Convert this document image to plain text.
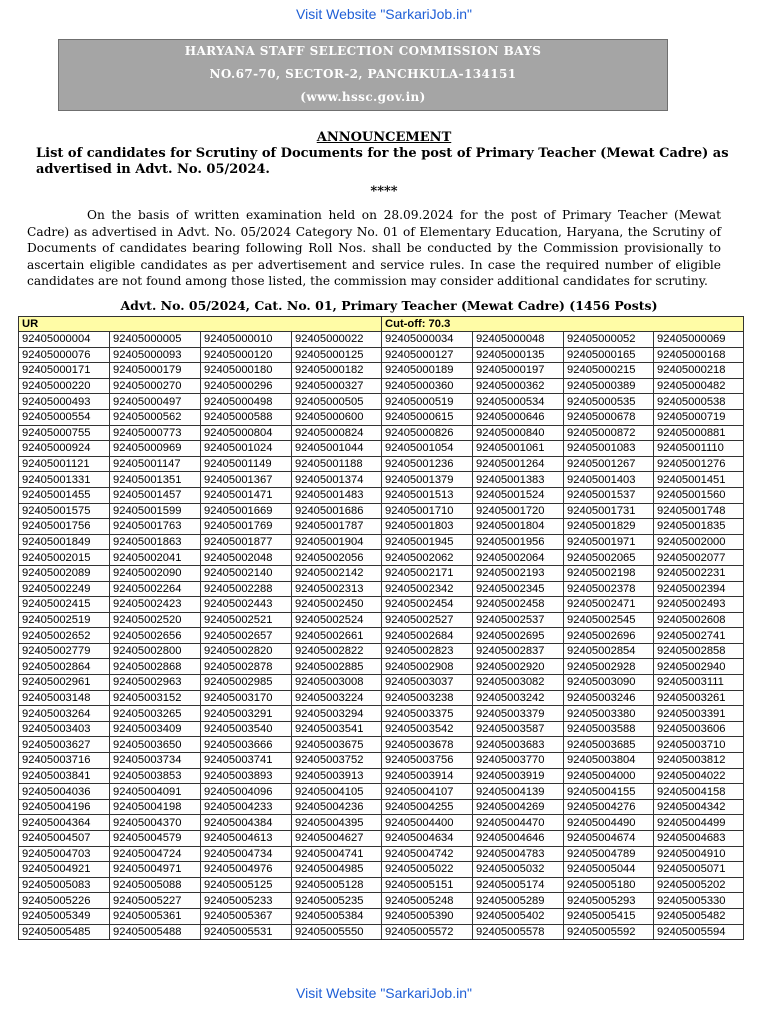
Visit Website "SarkariJob.in"
HARYANA STAFF SELECTION COMMISSION BAYS
NO.67-70, SECTOR-2, PANCHKULA-134151
(www.hssc.gov.in)
ANNOUNCEMENT
List of candidates for Scrutiny of Documents for the post of Primary Teacher (Mewat Cadre) as advertised in Advt. No. 05/2024.
****
On the basis of written examination held on 28.09.2024 for the post of Primary Teacher (Mewat Cadre) as advertised in Advt. No. 05/2024 Category No. 01 of Elementary Education, Haryana, the Scrutiny of Documents of candidates bearing following Roll Nos. shall be conducted by the Commission provisionally to ascertain eligible candidates as per advertisement and service rules. In case the required number of eligible candidates are not found among those listed, the commission may consider additional candidates for scrutiny.
Advt. No. 05/2024, Cat. No. 01, Primary Teacher (Mewat Cadre) (1456 Posts)
UR				Cut-off: 70.3			
92405000004	92405000005	92405000010	92405000022	92405000034	92405000048	92405000052	92405000069
92405000076	92405000093	92405000120	92405000125	92405000127	92405000135	92405000165	92405000168
92405000171	92405000179	92405000180	92405000182	92405000189	92405000197	92405000215	92405000218
92405000220	92405000270	92405000296	92405000327	92405000360	92405000362	92405000389	92405000482
92405000493	92405000497	92405000498	92405000505	92405000519	92405000534	92405000535	92405000538
92405000554	92405000562	92405000588	92405000600	92405000615	92405000646	92405000678	92405000719
92405000755	92405000773	92405000804	92405000824	92405000826	92405000840	92405000872	92405000881
92405000924	92405000969	92405001024	92405001044	92405001054	92405001061	92405001083	92405001110
92405001121	92405001147	92405001149	92405001188	92405001236	92405001264	92405001267	92405001276
92405001331	92405001351	92405001367	92405001374	92405001379	92405001383	92405001403	92405001451
92405001455	92405001457	92405001471	92405001483	92405001513	92405001524	92405001537	92405001560
92405001575	92405001599	92405001669	92405001686	92405001710	92405001720	92405001731	92405001748
92405001756	92405001763	92405001769	92405001787	92405001803	92405001804	92405001829	92405001835
92405001849	92405001863	92405001877	92405001904	92405001945	92405001956	92405001971	92405002000
92405002015	92405002041	92405002048	92405002056	92405002062	92405002064	92405002065	92405002077
92405002089	92405002090	92405002140	92405002142	92405002171	92405002193	92405002198	92405002231
92405002249	92405002264	92405002288	92405002313	92405002342	92405002345	92405002378	92405002394
92405002415	92405002423	92405002443	92405002450	92405002454	92405002458	92405002471	92405002493
92405002519	92405002520	92405002521	92405002524	92405002527	92405002537	92405002545	92405002608
92405002652	92405002656	92405002657	92405002661	92405002684	92405002695	92405002696	92405002741
92405002779	92405002800	92405002820	92405002822	92405002823	92405002837	92405002854	92405002858
92405002864	92405002868	92405002878	92405002885	92405002908	92405002920	92405002928	92405002940
92405002961	92405002963	92405002985	92405003008	92405003037	92405003082	92405003090	92405003111
92405003148	92405003152	92405003170	92405003224	92405003238	92405003242	92405003246	92405003261
92405003264	92405003265	92405003291	92405003294	92405003375	92405003379	92405003380	92405003391
92405003403	92405003409	92405003540	92405003541	92405003542	92405003587	92405003588	92405003606
92405003627	92405003650	92405003666	92405003675	92405003678	92405003683	92405003685	92405003710
92405003716	92405003734	92405003741	92405003752	92405003756	92405003770	92405003804	92405003812
92405003841	92405003853	92405003893	92405003913	92405003914	92405003919	92405004000	92405004022
92405004036	92405004091	92405004096	92405004105	92405004107	92405004139	92405004155	92405004158
92405004196	92405004198	92405004233	92405004236	92405004255	92405004269	92405004276	92405004342
92405004364	92405004370	92405004384	92405004395	92405004400	92405004470	92405004490	92405004499
92405004507	92405004579	92405004613	92405004627	92405004634	92405004646	92405004674	92405004683
92405004703	92405004724	92405004734	92405004741	92405004742	92405004783	92405004789	92405004910
92405004921	92405004971	92405004976	92405004985	92405005022	92405005032	92405005044	92405005071
92405005083	92405005088	92405005125	92405005128	92405005151	92405005174	92405005180	92405005202
92405005226	92405005227	92405005233	92405005235	92405005248	92405005289	92405005293	92405005330
92405005349	92405005361	92405005367	92405005384	92405005390	92405005402	92405005415	92405005482
92405005485	92405005488	92405005531	92405005550	92405005572	92405005578	92405005592	92405005594
Visit Website "SarkariJob.in"
